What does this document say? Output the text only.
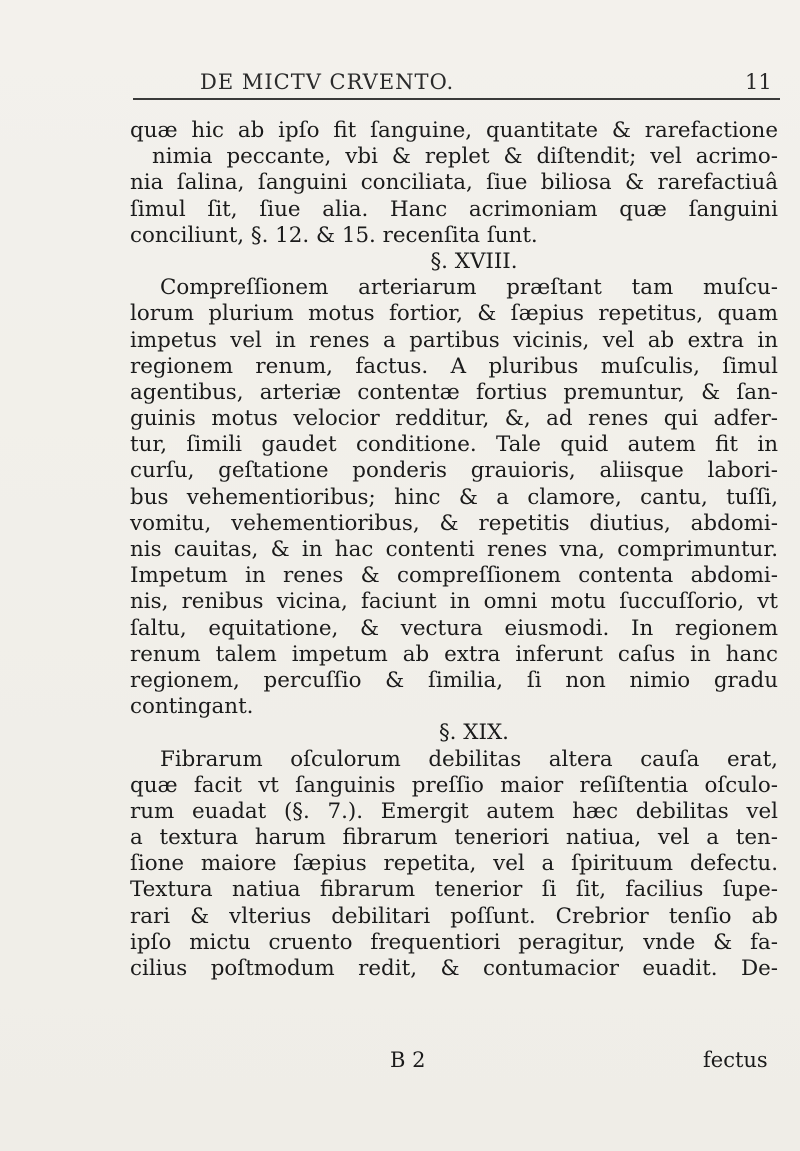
DE MICTV CRVENTO.	11
quæ hic ab ipſo fit ſanguine, quantitate & rarefactione
nimia peccante, vbi & replet & diſtendit; vel acrimo-
nia ſalina, ſanguini conciliata, ſiue biliosa & rarefactiuâ
ſimul ſit, ſiue alia. Hanc acrimoniam quæ ſanguini
conciliunt, §. 12. & 15. recenſita ſunt.
§. XVIII.
Compreſſionem arteriarum præſtant tam muſcu-
lorum plurium motus fortior, & ſæpius repetitus, quam
impetus vel in renes a partibus vicinis, vel ab extra in
regionem renum, factus. A pluribus muſculis, ſimul
agentibus, arteriæ contentæ fortius premuntur, & ſan-
guinis motus velocior redditur, &, ad renes qui adfer-
tur, ſimili gaudet conditione. Tale quid autem fit in
curſu, geſtatione ponderis grauioris, aliisque labori-
bus vehementioribus; hinc & a clamore, cantu, tuſſi,
vomitu, vehementioribus, & repetitis diutius, abdomi-
nis cauitas, & in hac contenti renes vna, comprimuntur.
Impetum in renes & compreſſionem contenta abdomi-
nis, renibus vicina, faciunt in omni motu ſuccuſſorio, vt
ſaltu, equitatione, & vectura eiusmodi. In regionem
renum talem impetum ab extra inferunt caſus in hanc
regionem, percuſſio & ſimilia, ſi non nimio gradu
contingant.
§. XIX.
Fibrarum oſculorum debilitas altera cauſa erat,
quæ facit vt ſanguinis preſſio maior reſiſtentia oſculo-
rum euadat (§. 7.). Emergit autem hæc debilitas vel
a textura harum fibrarum teneriori natiua, vel a ten-
ſione maiore ſæpius repetita, vel a ſpirituum defectu.
Textura natiua fibrarum tenerior ſi ſit, facilius ſupe-
rari & vlterius debilitari poſſunt. Crebrior tenſio ab
ipſo mictu cruento frequentiori peragitur, vnde & fa-
cilius poſtmodum redit, & contumacior euadit. De-
B 2	fectus
